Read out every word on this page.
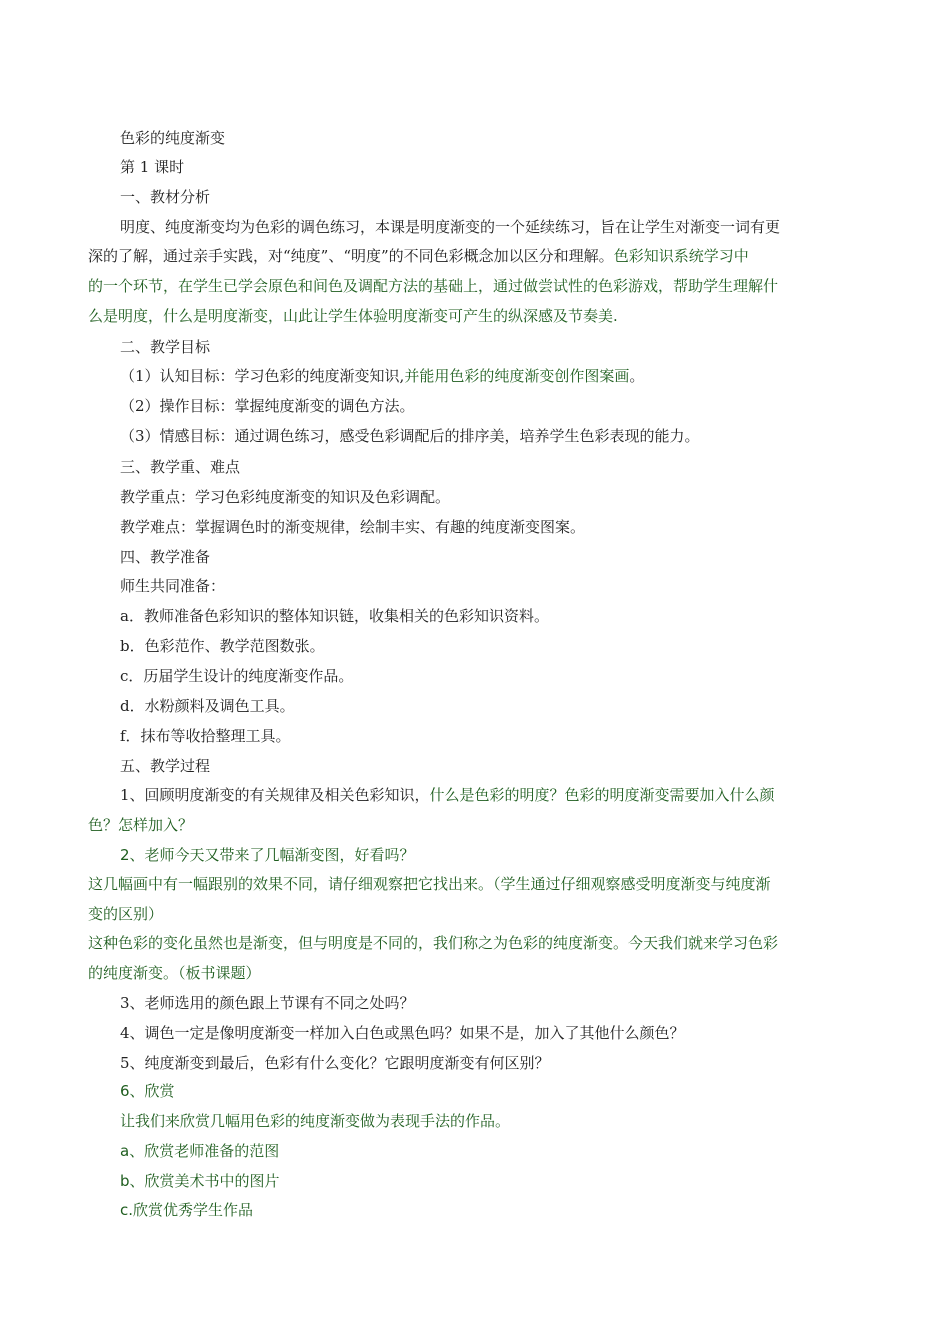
色彩的纯度渐变
第 1 课时
一、教材分析
明度、纯度渐变均为色彩的调色练习，本课是明度渐变的一个延续练习，旨在让学生对渐变一词有更
深的了解，通过亲手实践，对“纯度”、“明度”的不同色彩概念加以区分和理解。色彩知识系统学习中
的一个环节，在学生已学会原色和间色及调配方法的基础上，通过做尝试性的色彩游戏，帮助学生理解什
么是明度，什么是明度渐变，山此让学生体验明度渐变可产生的纵深感及节奏美.
二、教学目标
（1）认知目标：学习色彩的纯度渐变知识,并能用色彩的纯度渐变创作图案画。
（2）操作目标：掌握纯度渐变的调色方法。
（3）情感目标：通过调色练习，感受色彩调配后的排序美，培养学生色彩表现的能力。
三、教学重、难点
教学重点：学习色彩纯度渐变的知识及色彩调配。
教学难点：掌握调色时的渐变规律，绘制丰实、有趣的纯度渐变图案。
四、教学准备
师生共同准备：
a．教师准备色彩知识的整体知识链，收集相关的色彩知识资料。
b．色彩范作、教学范图数张。
c．历届学生设计的纯度渐变作品。
d．水粉颜料及调色工具。
f．抹布等收拾整理工具。
五、教学过程
1、回顾明度渐变的有关规律及相关色彩知识，什么是色彩的明度？色彩的明度渐变需要加入什么颜
色？怎样加入？
2、老师今天又带来了几幅渐变图，好看吗？
这几幅画中有一幅跟别的效果不同，请仔细观察把它找出来。（学生通过仔细观察感受明度渐变与纯度渐
变的区别）
这种色彩的变化虽然也是渐变，但与明度是不同的，我们称之为色彩的纯度渐变。今天我们就来学习色彩
的纯度渐变。（板书课题）
3、老师选用的颜色跟上节课有不同之处吗？
4、调色一定是像明度渐变一样加入白色或黑色吗？如果不是，加入了其他什么颜色？
5、纯度渐变到最后，色彩有什么变化？它跟明度渐变有何区别？
6、欣赏
让我们来欣赏几幅用色彩的纯度渐变做为表现手法的作品。
a、欣赏老师准备的范图
b、欣赏美术书中的图片
c.欣赏优秀学生作品
